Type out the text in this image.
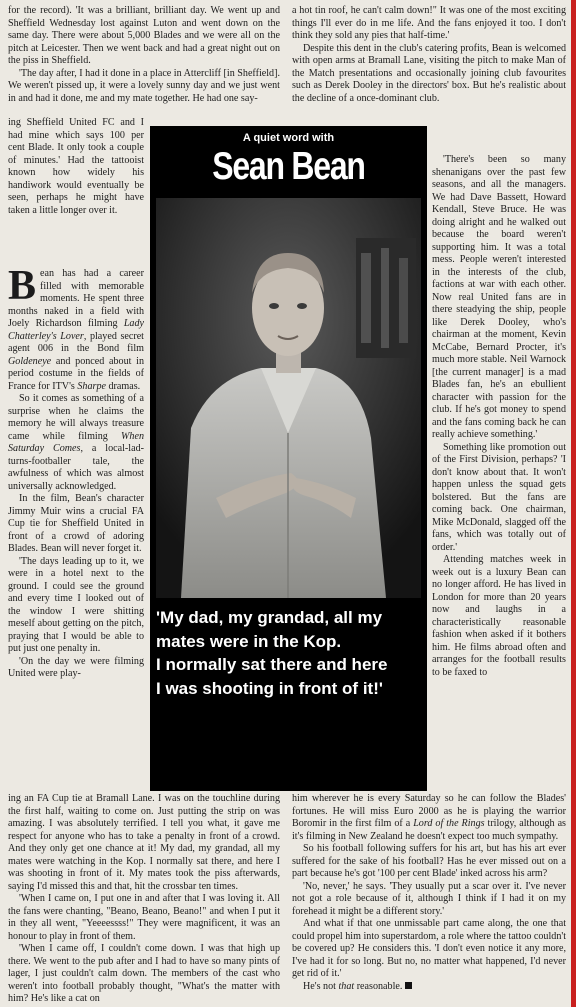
for the record). 'It was a brilliant, brilliant day. We went up and Sheffield Wednesday lost against Luton and went down on the same day. There were about 5,000 Blades and we were all on the pitch at Leicester. Then we went back and had a great night out on the piss in Sheffield.

'The day after, I had it done in a place in Attercliff [in Sheffield]. We weren't pissed up, it were a lovely sunny day and we just went in and had it done, me and my mate together. He had one say-

ing Sheffield United FC and I had mine which says 100 per cent Blade. It only took a couple of minutes.' Had the tattooist known how widely his handiwork would eventually be seen, perhaps he might have taken a little longer over it.

Bean has had a career filled with memorable moments. He spent three months naked in a field with Joely Richardson filming Lady Chatterley's Lover, played secret agent 006 in the Bond film Goldeneye and ponced about in period costume in the fields of France for ITV's Sharpe dramas.

So it comes as something of a surprise when he claims the memory he will always treasure came while filming When Saturday Comes, a local-lad-turns-footballer tale, the awfulness of which was almost universally acknowledged.

In the film, Bean's character Jimmy Muir wins a crucial FA Cup tie for Sheffield United in front of a crowd of adoring Blades. Bean will never forget it.

'The days leading up to it, we were in a hotel next to the ground. I could see the ground and every time I looked out of the window I were shitting meself about getting on the pitch, praying that I would be able to put just one penalty in.

'On the day we were filming United were play-

a hot tin roof, he can't calm down!" It was one of the most exciting things I'll ever do in me life. And the fans enjoyed it too. I don't think they sold any pies that half-time.'

Despite this dent in the club's catering profits, Bean is welcomed with open arms at Bramall Lane, visiting the pitch to make Man of the Match presentations and occasionally joining club favourites such as Derek Dooley in the directors' box. But he's realistic about the decline of a once-dominant club.

'There's been so many shenanigans over the past few seasons, and all the managers. We had Dave Bassett, Howard Kendall, Steve Bruce. He was doing alright and he walked out because the board weren't supporting him. It was a total mess. People weren't interested in the interests of the club, factions at war with each other. Now real United fans are in there steadying the ship, people like Derek Dooley, who's chairman at the moment, Kevin McCabe, Bernard Procter, it's much more stable. Neil Warnock [the current manager] is a mad Blades fan, he's an ebullient character with passion for the club. If he's got money to spend and the fans coming back he can really achieve something.'

Something like promotion out of the First Division, perhaps? 'I don't know about that. It won't happen unless the squad gets bolstered. But the fans are coming back. One chairman, Mike McDonald, slagged off the fans, which was totally out of order.'

Attending matches week in week out is a luxury Bean can no longer afford. He has lived in London for more than 20 years now and laughs in a characteristically reasonable fashion when asked if it bothers him. He films abroad often and arranges for the football results to be faxed to

A quiet word with
Sean Bean
'My dad, my grandad, all my
mates were in the Kop.
I normally sat there and here
I was shooting in front of it!'

ing an FA Cup tie at Bramall Lane. I was on the touchline during the first half, waiting to come on. Just putting the strip on was amazing. I was absolutely terrified. I tell you what, it gave me respect for anyone who has to take a penalty in front of a crowd. And they only get one chance at it! My dad, my grandad, all my mates were watching in the Kop. I normally sat there, and here I was shooting in front of it. My mates took the piss afterwards, saying I'd missed this and that, hit the crossbar ten times.

'When I came on, I put one in and after that I was loving it. All the fans were chanting, "Beano, Beano, Beano!" and when I put it in they all went, "Yeeeessss!" They were magnificent, it was an honour to play in front of them.

'When I came off, I couldn't come down. I was that high up there. We went to the pub after and I had to have so many pints of lager, I just couldn't calm down. The members of the cast who weren't into football probably thought, "What's the matter with him? He's like a cat on

him wherever he is every Saturday so he can follow the Blades' fortunes. He will miss Euro 2000 as he is playing the warrior Boromir in the first film of a Lord of the Rings trilogy, although as it's filming in New Zealand he doesn't expect too much sympathy.

So his football following suffers for his art, but has his art ever suffered for the sake of his football? Has he ever missed out on a part because he's got '100 per cent Blade' inked across his arm?

'No, never,' he says. 'They usually put a scar over it. I've never not got a role because of it, although I think if I had it on my forehead it might be a different story.'

And what if that one unmissable part came along, the one that could propel him into superstardom, a role where the tattoo couldn't be covered up? He considers this. 'I don't even notice it any more, I've had it for so long. But no, no matter what happened, I'd never get rid of it.'

He's not that reasonable.
